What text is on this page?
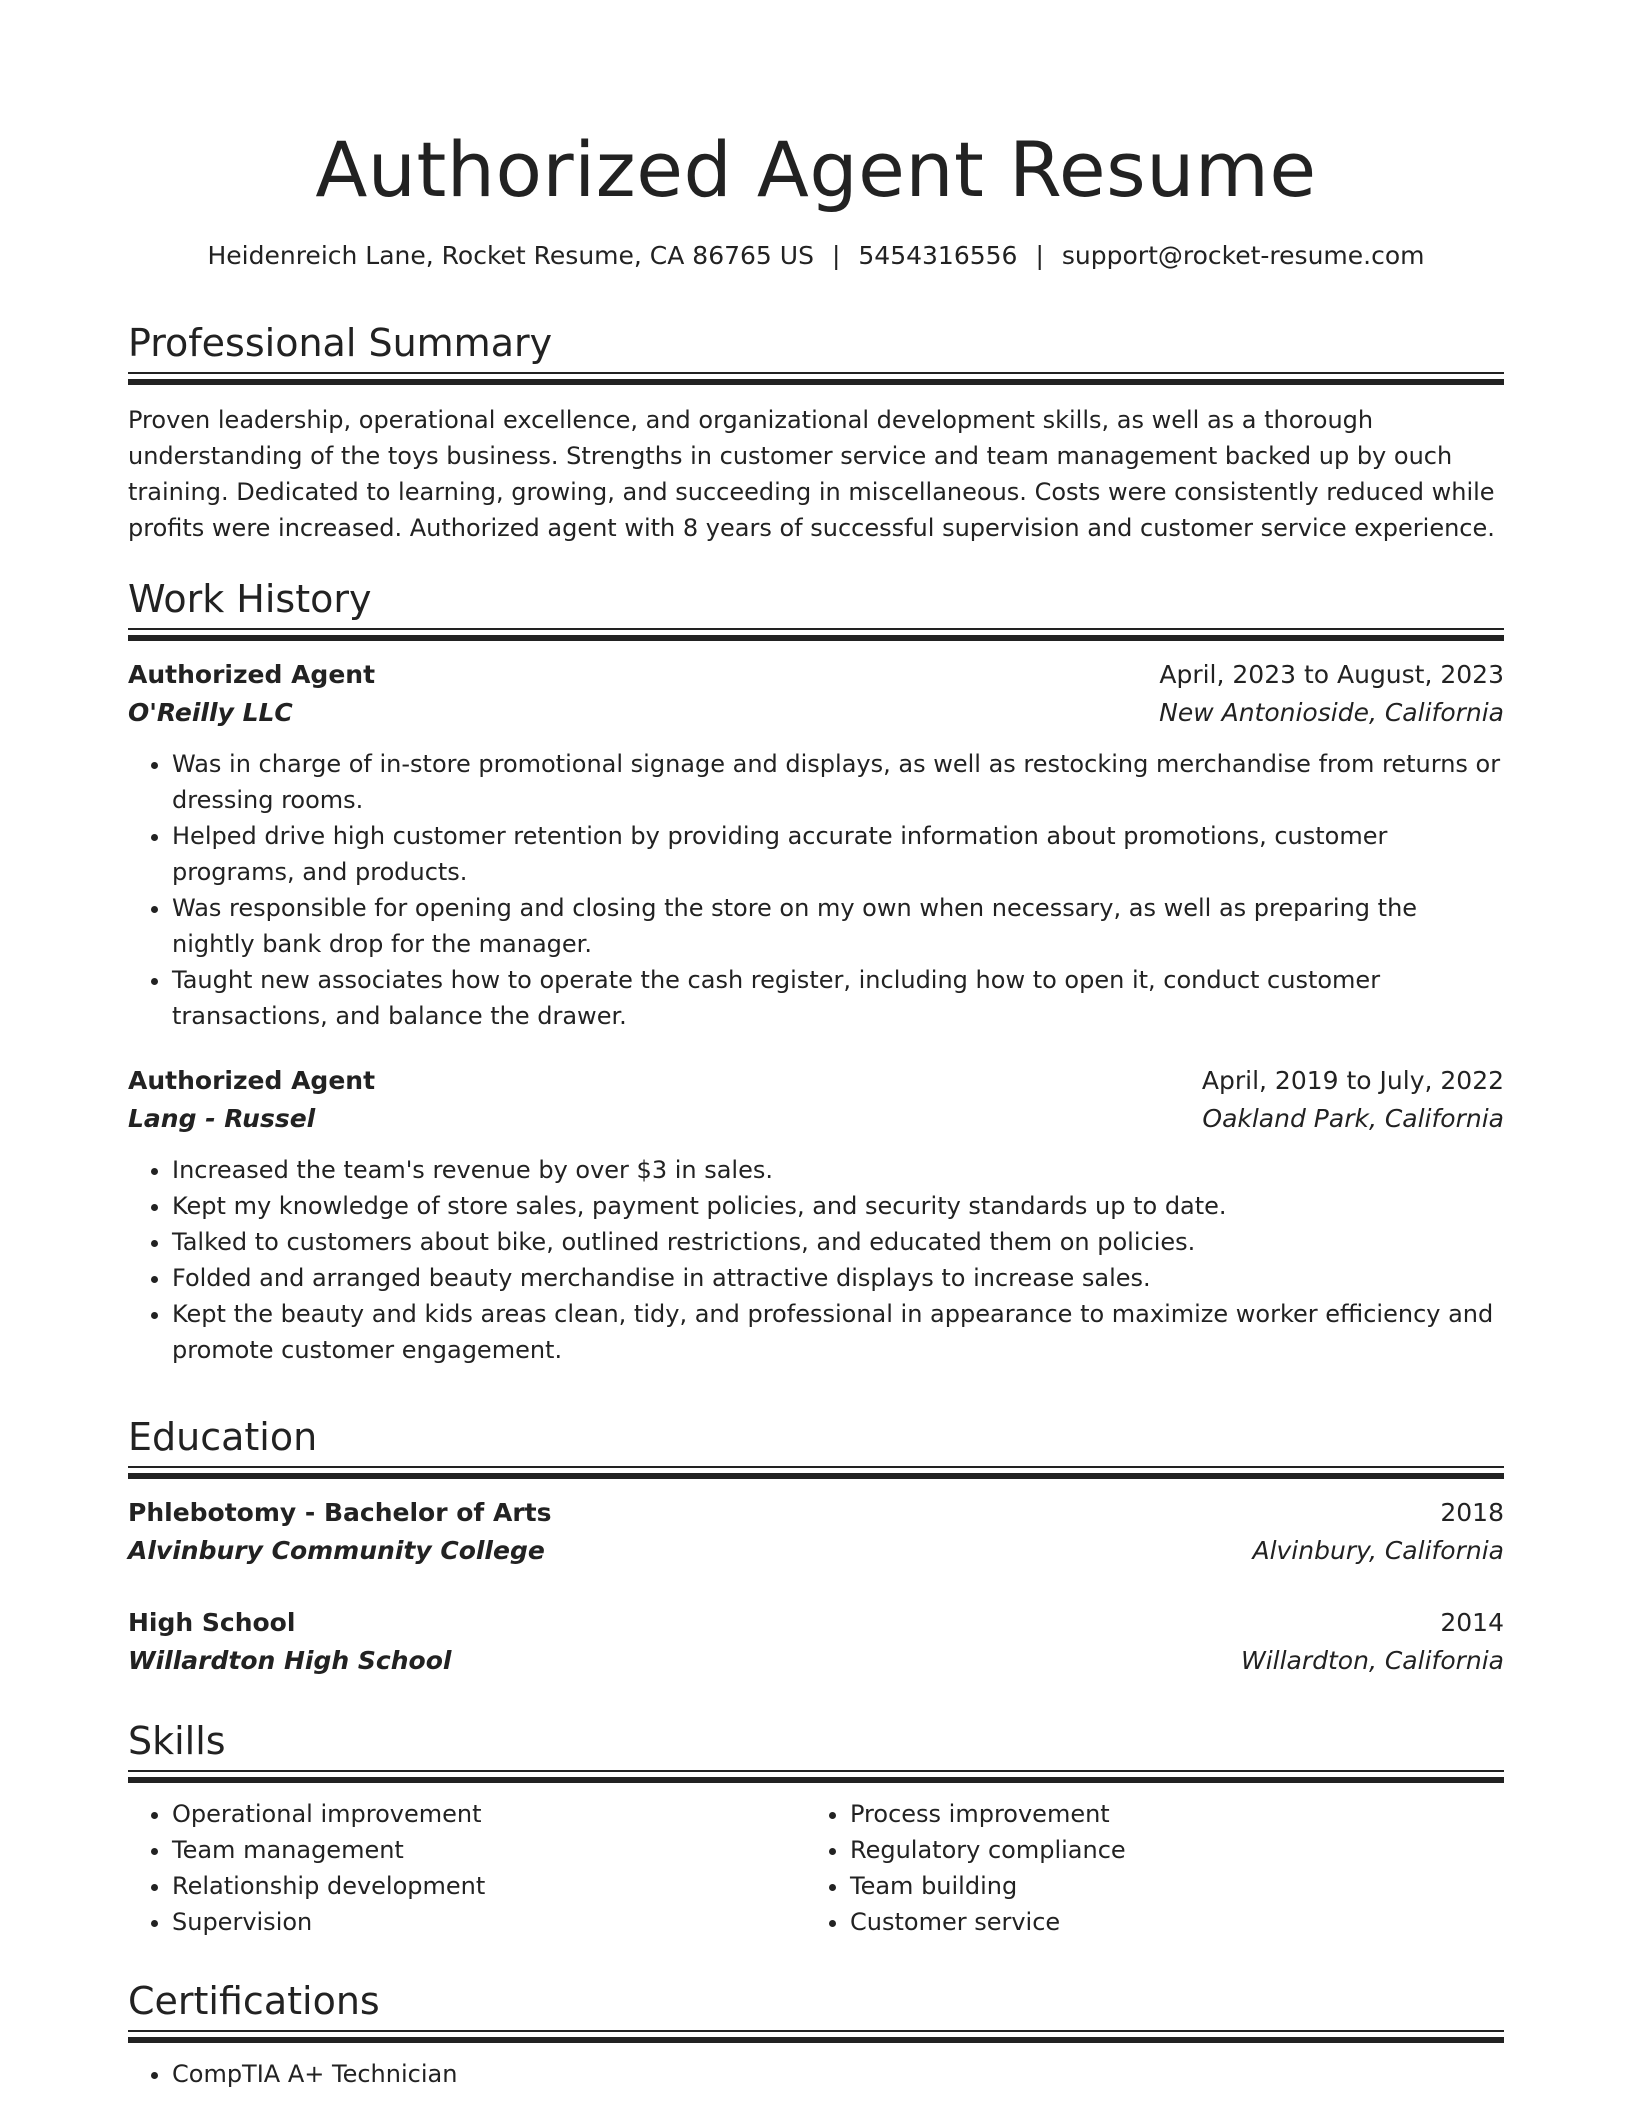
Authorized Agent Resume
Heidenreich Lane, Rocket Resume, CA 86765 US | 5454316556 | support@rocket-resume.com
Professional Summary

Proven leadership, operational excellence, and organizational development skills, as well as a thorough understanding of the toys business. Strengths in customer service and team management backed up by ouch training. Dedicated to learning, growing, and succeeding in miscellaneous. Costs were consistently reduced while profits were increased. Authorized agent with 8 years of successful supervision and customer service experience.

Work History
Authorized Agent	April, 2023 to August, 2023
O'Reilly LLC	New Antonioside, California
• Was in charge of in-store promotional signage and displays, as well as restocking merchandise from returns or dressing rooms.
• Helped drive high customer retention by providing accurate information about promotions, customer programs, and products.
• Was responsible for opening and closing the store on my own when necessary, as well as preparing the nightly bank drop for the manager.
• Taught new associates how to operate the cash register, including how to open it, conduct customer transactions, and balance the drawer.
Authorized Agent	April, 2019 to July, 2022
Lang - Russel	Oakland Park, California
• Increased the team's revenue by over $3 in sales.
• Kept my knowledge of store sales, payment policies, and security standards up to date.
• Talked to customers about bike, outlined restrictions, and educated them on policies.
• Folded and arranged beauty merchandise in attractive displays to increase sales.
• Kept the beauty and kids areas clean, tidy, and professional in appearance to maximize worker efficiency and promote customer engagement.
Education
Phlebotomy - Bachelor of Arts	2018
Alvinbury Community College	Alvinbury, California
High School	2014
Willardton High School	Willardton, California
Skills
• Operational improvement
• Team management
• Relationship development
• Supervision
• Process improvement
• Regulatory compliance
• Team building
• Customer service
Certifications
• CompTIA A+ Technician
